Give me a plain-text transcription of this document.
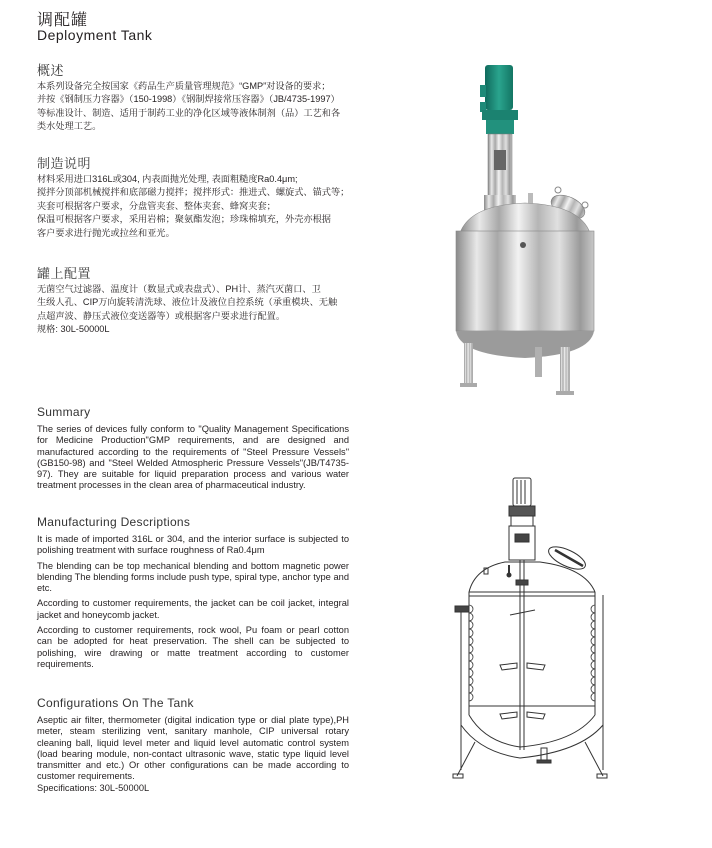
调配罐
Deployment Tank
概述
本系列设备完全按国家《药品生产质量管理规范》“GMP”对设备的要求；
并按《钢制压力容器》（150-1998）《钢制焊接常压容器》（JB/4735-1997）
等标准设计、制造、适用于制药工业的净化区域等液体制剂（品）工艺和各
类水处理工艺。
制造说明
材料采用进口316L或304, 内表面抛光处理, 表面粗糙度Ra0.4μm;
搅拌分顶部机械搅拌和底部磁力搅拌；搅拌形式：推进式、螺旋式、锚式等；
夹套可根据客户要求，分盘管夹套、整体夹套、蜂窝夹套；
保温可根据客户要求，采用岩棉；聚氨酯发泡；珍珠棉填充，外壳亦根据
客户要求进行抛光或拉丝和亚光。
罐上配置
无菌空气过滤器、温度计（数显式或表盘式）、PH计、蒸汽灭菌口、卫
生级人孔、CIP万向旋转清洗球、液位计及液位自控系统（承重模块、无触
点超声波、静压式液位变送器等）或根据客户要求进行配置。
规格: 30L-50000L
Summary
The series of devices fully conform to "Quality Management Specifications for Medicine Production"GMP requirements, and are designed and manufactured according to the requirements of "Steel Pressure Vessels"(GB150-98) and "Steel Welded Atmospheric Pressure Vessels"(JB/T4735-97). They are suitable for liquid preparation process and various water treatment processes in the clean area of pharmaceutical industry.
Manufacturing Descriptions
It is made of imported 316L or 304, and the interior surface is subjected to polishing treatment with surface roughness of Ra0.4μm
The blending can be top mechanical blending and bottom magnetic power blending The blending forms include push type, spiral type, anchor type and etc.
According to customer requirements, the jacket can be coil jacket, integral jacket and honeycomb jacket.
According to customer requirements, rock wool, Pu foam or pearl cotton can be adopted for heat preservation. The shell can be subjected to polishing, wire drawing or matte treatment according to customer requirements.
Configurations On The Tank
Aseptic air filter, thermometer (digital indication type or dial plate type),PH meter, steam sterilizing vent, sanitary manhole, CIP universal rotary cleaning ball, liquid level meter and liquid level automatic control system (load bearing module, non-contact ultrasonic wave, static type liquid level transmitter and etc.) Or other configurations can be made according to customer requirements.
Specifications: 30L-50000L
